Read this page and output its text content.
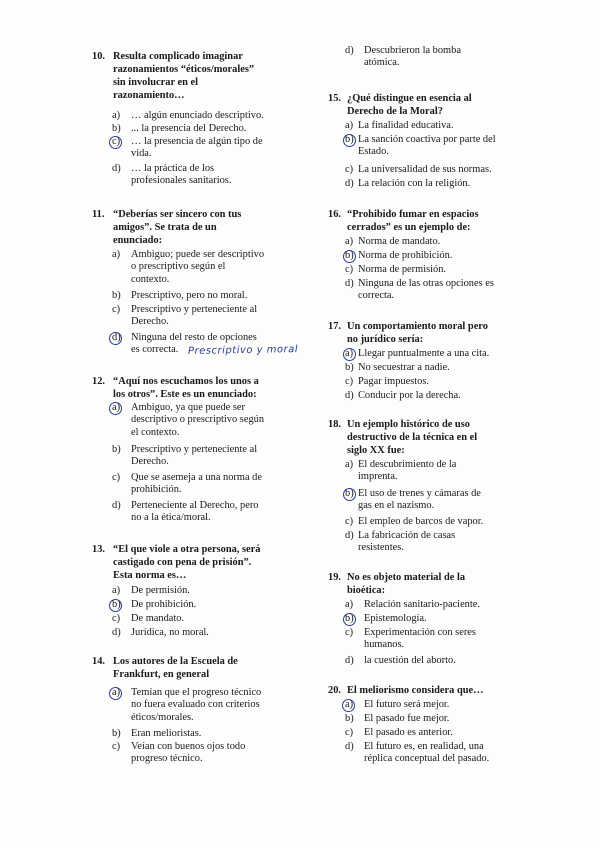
10. Resulta complicado imaginar
razonamientos “éticos/morales”
sin involucrar en el
razonamiento…
a) … algún enunciado descriptivo.
b) ... la presencia del Derecho.
c) … la presencia de algún tipo de
vida.
d) … la práctica de los
profesionales sanitarios.
11. “Deberías ser sincero con tus
amigos”. Se trata de un
enunciado:
a) Ambiguo; puede ser descriptivo
o prescriptivo según el
contexto.
b) Prescriptivo, pero no moral.
c) Prescriptivo y perteneciente al
Derecho.
d) Ninguna del resto de opciones
es correcta. Prescriptivo y moral
12. “Aquí nos escuchamos los unos a
los otros”. Este es un enunciado:
a) Ambiguo, ya que puede ser
descriptivo o prescriptivo según
el contexto.
b) Prescriptivo y perteneciente al
Derecho.
c) Que se asemeja a una norma de
prohibición.
d) Perteneciente al Derecho, pero
no a la ética/moral.
13. “El que viole a otra persona, será
castigado con pena de prisión”.
Esta norma es…
a) De permisión.
b) De prohibición.
c) De mandato.
d) Jurídica, no moral.
14. Los autores de la Escuela de
Frankfurt, en general
a) Temían que el progreso técnico
no fuera evaluado con criterios
éticos/morales.
b) Eran melioristas.
c) Veían con buenos ojos todo
progreso técnico.
d) Descubrieron la bomba
atómica.
15. ¿Qué distingue en esencia al
Derecho de la Moral?
a) La finalidad educativa.
b) La sanción coactiva por parte del
Estado.
c) La universalidad de sus normas.
d) La relación con la religión.
16. “Prohibido fumar en espacios
cerrados” es un ejemplo de:
a) Norma de mandato.
b) Norma de prohibición.
c) Norma de permisión.
d) Ninguna de las otras opciones es
correcta.
17. Un comportamiento moral pero
no jurídico sería:
a) Llegar puntualmente a una cita.
b) No secuestrar a nadie.
c) Pagar impuestos.
d) Conducir por la derecha.
18. Un ejemplo histórico de uso
destructivo de la técnica en el
siglo XX fue:
a) El descubrimiento de la
imprenta.
b) El uso de trenes y cámaras de
gas en el nazismo.
c) El empleo de barcos de vapor.
d) La fabricación de casas
resistentes.
19. No es objeto material de la
bioética:
a) Relación sanitario-paciente.
b) Epistemología.
c) Experimentación con seres
humanos.
d) la cuestión del aborto.
20. El meliorismo considera que…
a) El futuro será mejor.
b) El pasado fue mejor.
c) El pasado es anterior.
d) El futuro es, en realidad, una
réplica conceptual del pasado.
